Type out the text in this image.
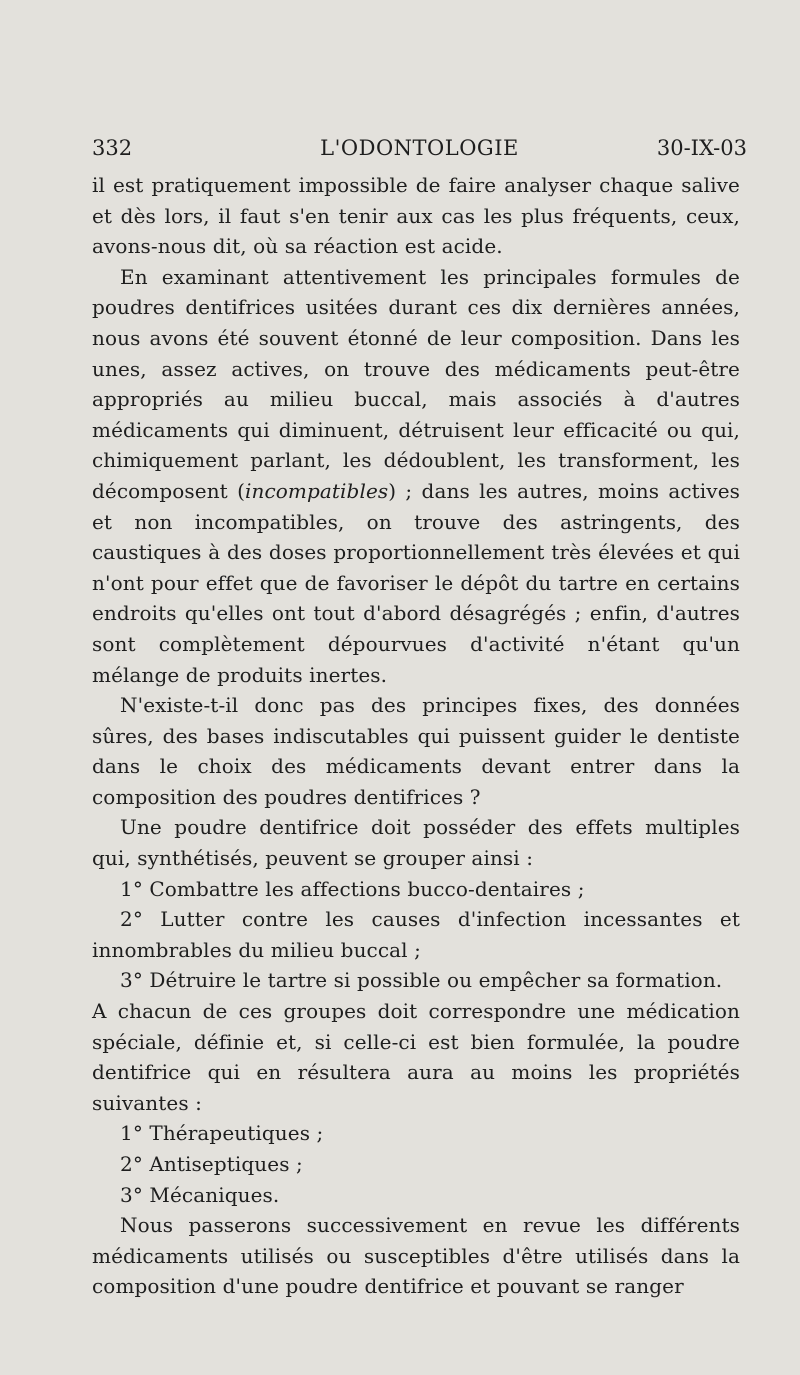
332	L'ODONTOLOGIE	30-IX-03

il est pratiquement impossible de faire analyser chaque salive et dès lors, il faut s'en tenir aux cas les plus fréquents, ceux, avons-nous dit, où sa réaction est acide.

En examinant attentivement les principales formules de poudres dentifrices usitées durant ces dix dernières années, nous avons été souvent étonné de leur composition. Dans les unes, assez actives, on trouve des médicaments peut-être appropriés au milieu buccal, mais associés à d'autres médicaments qui diminuent, détruisent leur efficacité ou qui, chimiquement parlant, les dédoublent, les transforment, les décomposent (incompatibles) ; dans les autres, moins actives et non incompatibles, on trouve des astringents, des caustiques à des doses proportionnellement très élevées et qui n'ont pour effet que de favoriser le dépôt du tartre en certains endroits qu'elles ont tout d'abord désagrégés ; enfin, d'autres sont complètement dépourvues d'activité n'étant qu'un mélange de produits inertes.

N'existe-t-il donc pas des principes fixes, des données sûres, des bases indiscutables qui puissent guider le dentiste dans le choix des médicaments devant entrer dans la composition des poudres dentifrices ?

Une poudre dentifrice doit posséder des effets multiples qui, synthétisés, peuvent se grouper ainsi :

1° Combattre les affections bucco-dentaires ;

2° Lutter contre les causes d'infection incessantes et innombrables du milieu buccal ;

3° Détruire le tartre si possible ou empêcher sa formation.

A chacun de ces groupes doit correspondre une médication spéciale, définie et, si celle-ci est bien formulée, la poudre dentifrice qui en résultera aura au moins les propriétés suivantes :

1° Thérapeutiques ;

2° Antiseptiques ;

3° Mécaniques.

Nous passerons successivement en revue les différents médicaments utilisés ou susceptibles d'être utilisés dans la composition d'une poudre dentifrice et pouvant se ranger
